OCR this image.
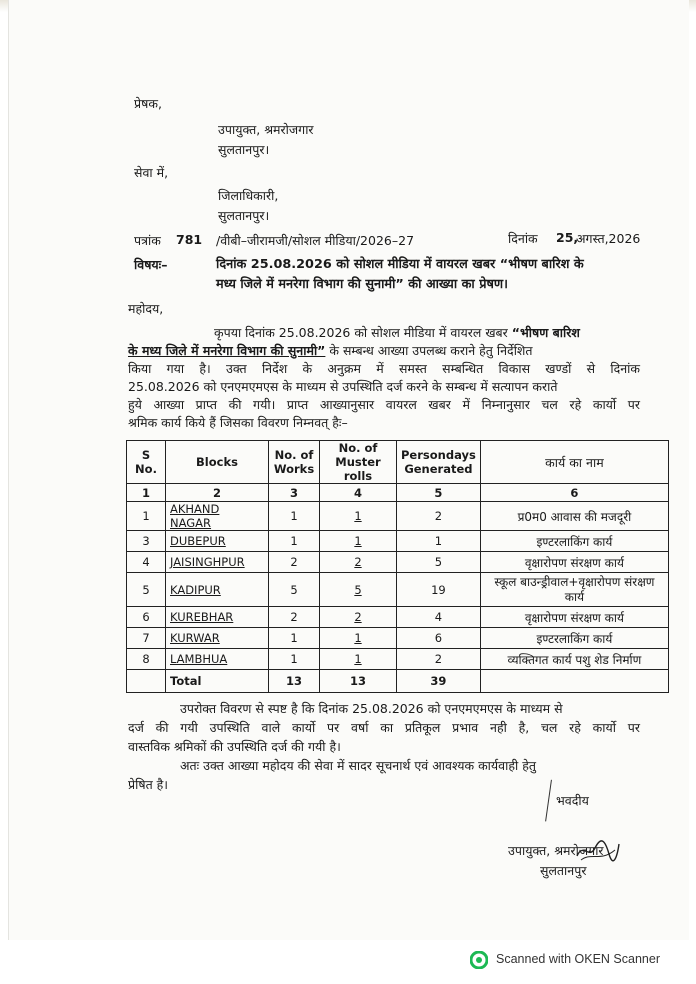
प्रेषक,
उपायुक्त, श्रमरोजगार
सुलतानपुर।
सेवा में,
जिलाधिकारी,
सुलतानपुर।
पत्रांक 781 /वीबी–जीरामजी/सोशल मीडिया/2026–27	दिनांक 25,
अगस्त,2026
विषयः–	दिनांक 25.08.2026 को सोशल मीडिया में वायरल खबर “भीषण बारिश के
मध्य जिले में मनरेगा विभाग की सुनामी” की आख्या का प्रेषण।
महोदय,
कृपया दिनांक 25.08.2026 को सोशल मीडिया में वायरल खबर “भीषण बारिश
के मध्य जिले में मनरेगा विभाग की सुनामी” के सम्बन्ध आख्या उपलब्ध कराने हेतु निर्देशित
किया गया है। उक्त निर्देश के अनुक्रम में समस्त सम्बन्धित विकास खण्डों से दिनांक
25.08.2026 को एनएमएमएस के माध्यम से उपस्थिति दर्ज करने के सम्बन्ध में सत्यापन कराते
हुये आख्या प्राप्त की गयी। प्राप्त आख्यानुसार वायरल खबर में निम्नानुसार चल रहे कार्यो पर
श्रमिक कार्य किये हैं जिसका विवरण निम्नवत् हैः–
S No.	Blocks	No. of Works	No. of Muster rolls	Persondays Generated	कार्य का नाम
1	2	3	4	5	6
1	AKHAND NAGAR	1	1	2	प्र0म0 आवास की मजदूरी
3	DUBEPUR	1	1	1	इण्टरलाकिंग कार्य
4	JAISINGHPUR	2	2	5	वृक्षारोपण संरक्षण कार्य
5	KADIPUR	5	5	19	स्कूल बाउन्ड्रीवाल+वृक्षारोपण संरक्षण कार्य
6	KUREBHAR	2	2	4	वृक्षारोपण संरक्षण कार्य
7	KURWAR	1	1	6	इण्टरलाकिंग कार्य
8	LAMBHUA	1	1	2	व्यक्तिगत कार्य पशु शेड निर्माण
	Total	13	13	39	
उपरोक्त विवरण से स्पष्ट है कि दिनांक 25.08.2026 को एनएमएमएस के माध्यम से
दर्ज की गयी उपस्थिति वाले कार्यो पर वर्षा का प्रतिकूल प्रभाव नही है, चल रहे कार्यो पर
वास्तविक श्रमिकों की उपस्थिति दर्ज की गयी है।
अतः उक्त आख्या महोदय की सेवा में सादर सूचनार्थ एवं आवश्यक कार्यवाही हेतु
प्रेषित है।
भवदीय
उपायुक्त, श्रमरोजगार
सुलतानपुर
Scanned with OKEN Scanner
